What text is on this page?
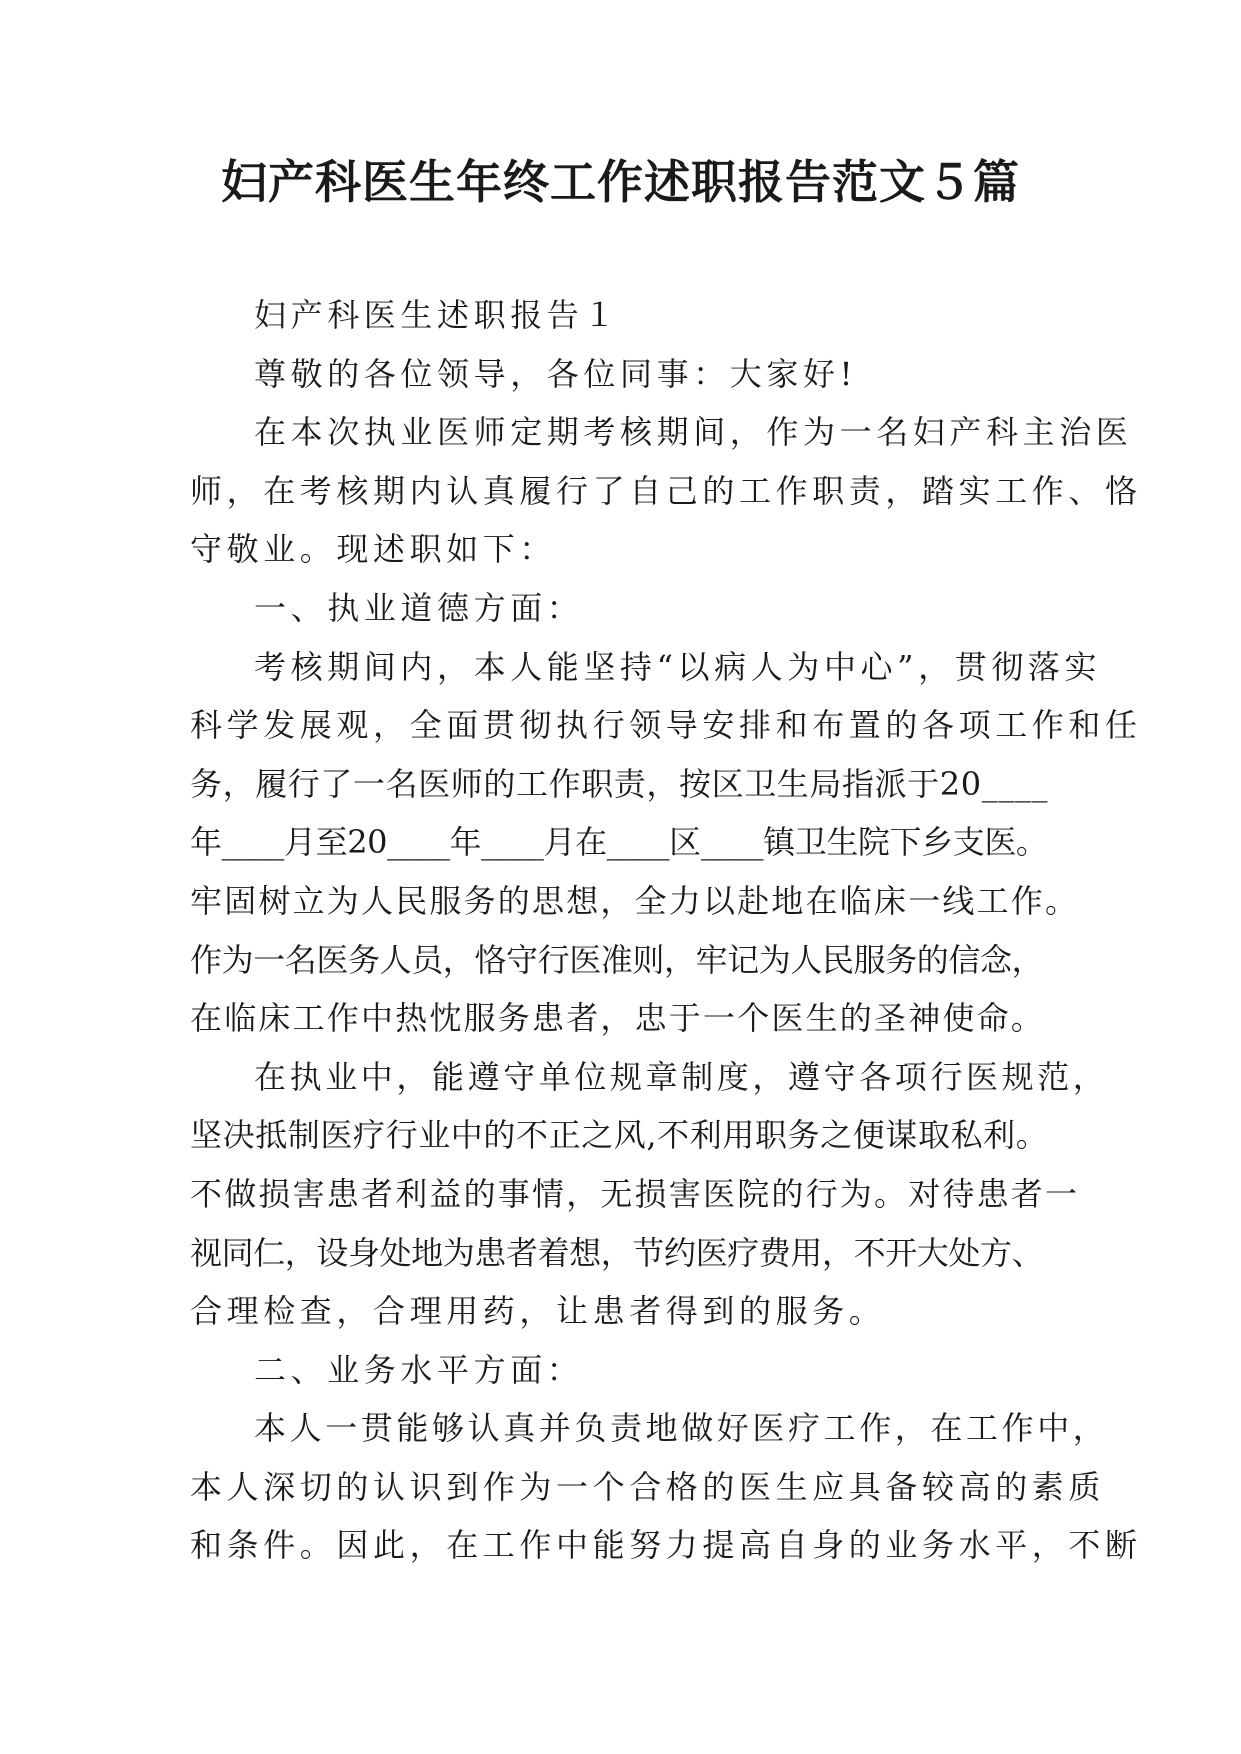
妇产科医生年终工作述职报告范文５篇

妇产科医生述职报告１

尊敬的各位领导，各位同事：大家好!

在本次执业医师定期考核期间，作为一名妇产科主治医

师，在考核期内认真履行了自己的工作职责，踏实工作、恪

守敬业。现述职如下：

一、执业道德方面：

考核期间内，本人能坚持“以病人为中心”，贯彻落实

科学发展观，全面贯彻执行领导安排和布置的各项工作和任

务，履行了一名医师的工作职责，按区卫生局指派于20____

年____月至20____年____月在____区____镇卫生院下乡支医。

牢固树立为人民服务的思想，全力以赴地在临床一线工作。

作为一名医务人员，恪守行医准则，牢记为人民服务的信念，

在临床工作中热忱服务患者，忠于一个医生的圣神使命。

在执业中，能遵守单位规章制度，遵守各项行医规范，

坚决抵制医疗行业中的不正之风,不利用职务之便谋取私利。

不做损害患者利益的事情，无损害医院的行为。对待患者一

视同仁，设身处地为患者着想，节约医疗费用，不开大处方、

合理检查，合理用药，让患者得到的服务。

二、业务水平方面：

本人一贯能够认真并负责地做好医疗工作，在工作中，

本人深切的认识到作为一个合格的医生应具备较高的素质

和条件。因此，在工作中能努力提高自身的业务水平，不断
